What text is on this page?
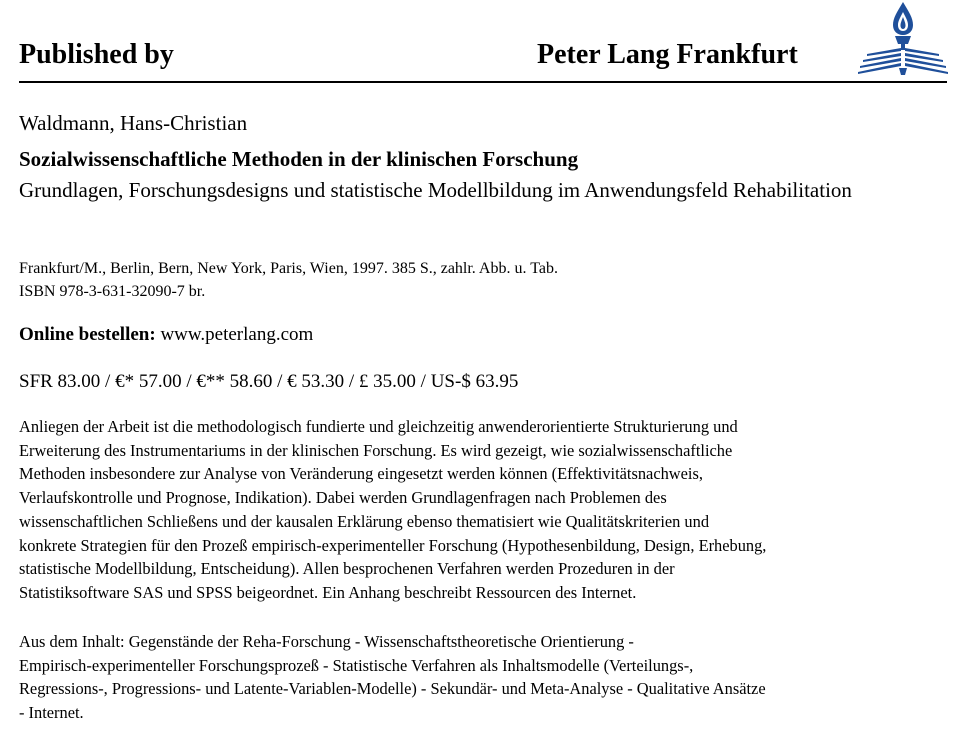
Published by	Peter Lang Frankfurt
Waldmann, Hans-Christian
Sozialwissenschaftliche Methoden in der klinischen Forschung
Grundlagen, Forschungsdesigns und statistische Modellbildung im Anwendungsfeld Rehabilitation
Frankfurt/M., Berlin, Bern, New York, Paris, Wien, 1997. 385 S., zahlr. Abb. u. Tab.
ISBN 978-3-631-32090-7 br.
Online bestellen: www.peterlang.com
SFR 83.00 / €* 57.00 / €** 58.60 / € 53.30 / £ 35.00 / US-$ 63.95
Anliegen der Arbeit ist die methodologisch fundierte und gleichzeitig anwenderorientierte Strukturierung und
Erweiterung des Instrumentariums in der klinischen Forschung. Es wird gezeigt, wie sozialwissenschaftliche
Methoden insbesondere zur Analyse von Veränderung eingesetzt werden können (Effektivitätsnachweis,
Verlaufskontrolle und Prognose, Indikation). Dabei werden Grundlagenfragen nach Problemen des
wissenschaftlichen Schließens und der kausalen Erklärung ebenso thematisiert wie Qualitätskriterien und
konkrete Strategien für den Prozeß empirisch-experimenteller Forschung (Hypothesenbildung, Design, Erhebung,
statistische Modellbildung, Entscheidung). Allen besprochenen Verfahren werden Prozeduren in der
Statistiksoftware SAS und SPSS beigeordnet. Ein Anhang beschreibt Ressourcen des Internet.
Aus dem Inhalt: Gegenstände der Reha-Forschung - Wissenschaftstheoretische Orientierung -
Empirisch-experimenteller Forschungsprozeß - Statistische Verfahren als Inhaltsmodelle (Verteilungs-,
Regressions-, Progressions- und Latente-Variablen-Modelle) - Sekundär- und Meta-Analyse - Qualitative Ansätze
- Internet.
